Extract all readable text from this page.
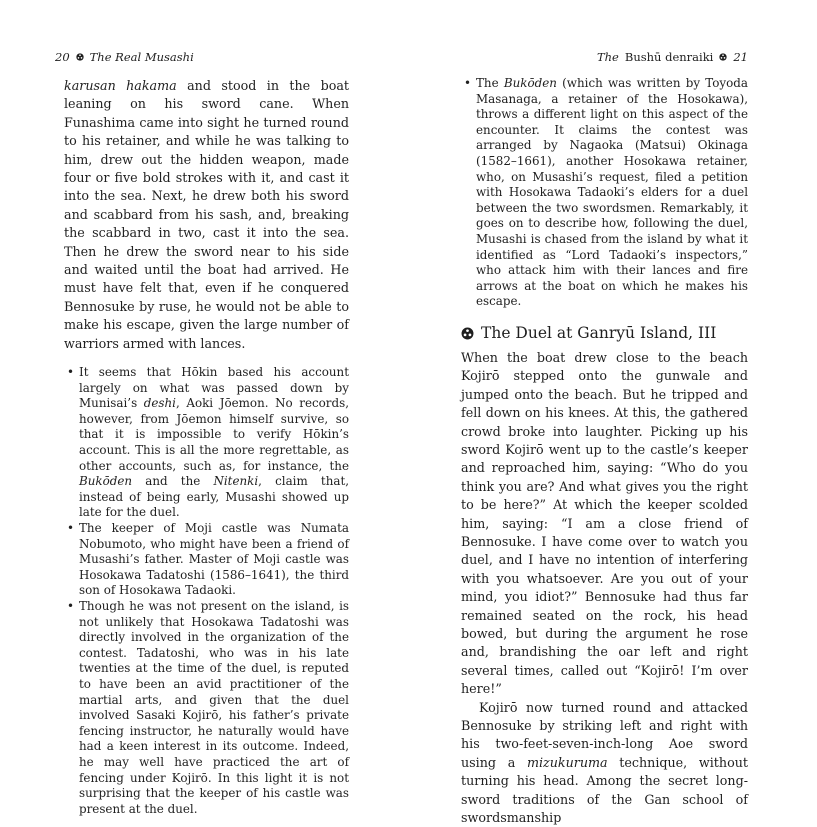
20 The Real Musashi

karusan hakama and stood in the boat leaning on his sword cane. When Funashima came into sight he turned round to his retainer, and while he was talking to him, drew out the hidden weapon, made four or five bold strokes with it, and cast it into the sea. Next, he drew both his sword and scabbard from his sash, and, breaking the scabbard in two, cast it into the sea. Then he drew the sword near to his side and waited until the boat had arrived. He must have felt that, even if he conquered Bennosuke by ruse, he would not be able to make his escape, given the large number of warriors armed with lances.

• It seems that Hōkin based his account largely on what was passed down by Munisai’s deshi, Aoki Jōemon. No records, however, from Jōemon himself survive, so that it is impossible to verify Hōkin’s account. This is all the more regrettable, as other accounts, such as, for instance, the Bukōden and the Nitenki, claim that, instead of being early, Musashi showed up late for the duel.
• The keeper of Moji castle was Numata Nobumoto, who might have been a friend of Musashi’s father. Master of Moji castle was Hosokawa Tadatoshi (1586–1641), the third son of Hosokawa Tadaoki.
• Though he was not present on the island, is not unlikely that Hosokawa Tadatoshi was directly involved in the organization of the contest. Tadatoshi, who was in his late twenties at the time of the duel, is reputed to have been an avid practitioner of the martial arts, and given that the duel involved Sasaki Kojirō, his father’s private fencing instructor, he naturally would have had a keen interest in its outcome. Indeed, he may well have practiced the art of fencing under Kojirō. In this light it is not surprising that the keeper of his castle was present at the duel.
The Bushū denraiki 21
• The Bukōden (which was written by Toyoda Masanaga, a retainer of the Hosokawa), throws a different light on this aspect of the encounter. It claims the contest was arranged by Nagaoka (Matsui) Okinaga (1582–1661), another Hosokawa retainer, who, on Musashi’s request, filed a petition with Hosokawa Tadaoki’s elders for a duel between the two swordsmen. Remarkably, it goes on to describe how, following the duel, Musashi is chased from the island by what it identified as “Lord Tadaoki’s inspectors,” who attack him with their lances and fire arrows at the boat on which he makes his escape.
The Duel at Ganryū Island, III

When the boat drew close to the beach Kojirō stepped onto the gunwale and jumped onto the beach. But he tripped and fell down on his knees. At this, the gathered crowd broke into laughter. Picking up his sword Kojirō went up to the castle’s keeper and reproached him, saying: “Who do you think you are? And what gives you the right to be here?” At which the keeper scolded him, saying: “I am a close friend of Bennosuke. I have come over to watch you duel, and I have no intention of interfering with you whatsoever. Are you out of your mind, you idiot?” Bennosuke had thus far remained seated on the rock, his head bowed, but during the argument he rose and, brandishing the oar left and right several times, called out “Kojirō! I’m over here!”

Kojirō now turned round and attacked Bennosuke by striking left and right with his two-feet-seven-inch-long Aoe sword using a mizukuruma technique, without turning his head. Among the secret long-sword traditions of the Gan school of swordsmanship
